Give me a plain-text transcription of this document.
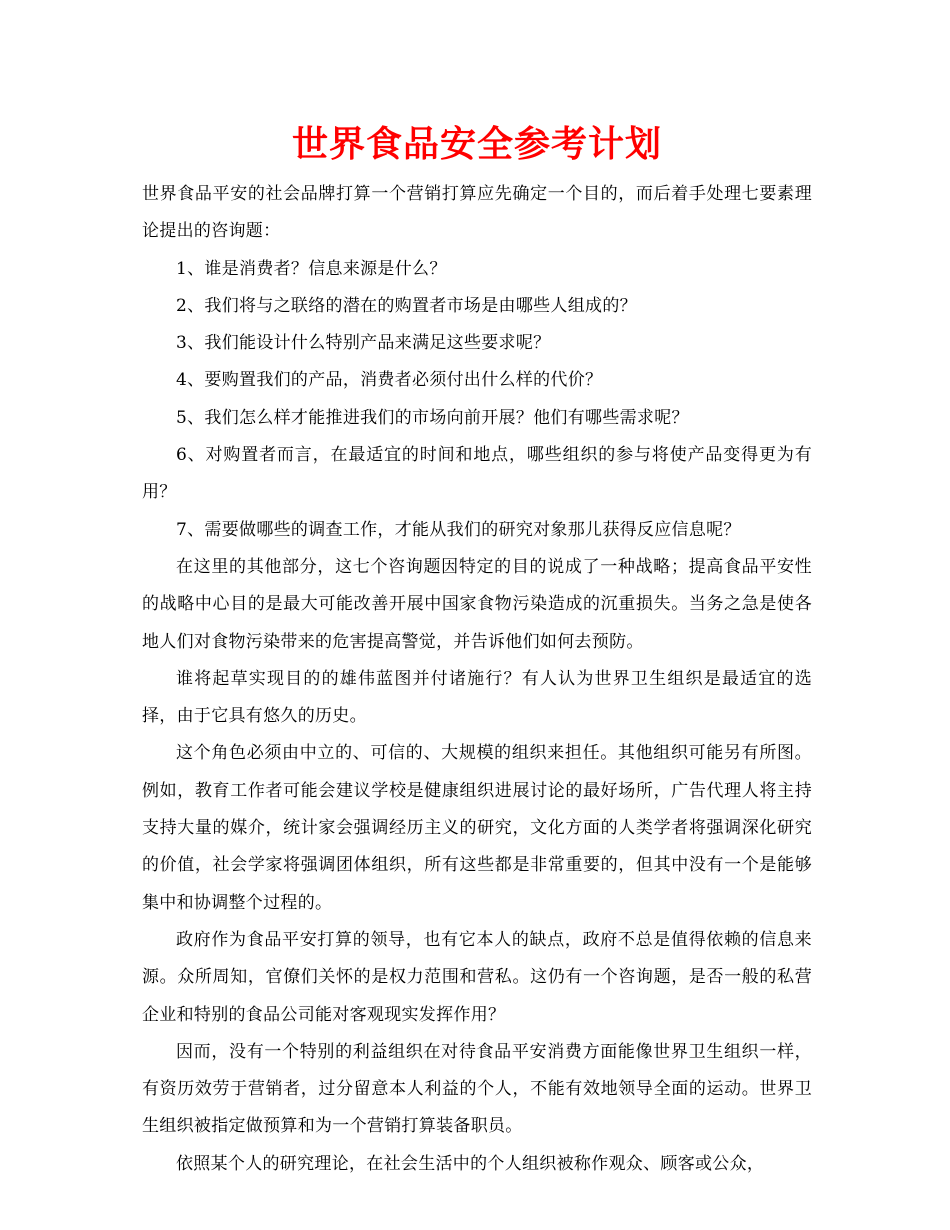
世界食品安全参考计划

世界食品平安的社会品牌打算一个营销打算应先确定一个目的，而后着手处理七要素理论提出的咨询题：

1、谁是消费者？信息来源是什么？

2、我们将与之联络的潜在的购置者市场是由哪些人组成的？

3、我们能设计什么特别产品来满足这些要求呢？

4、要购置我们的产品，消费者必须付出什么样的代价？

5、我们怎么样才能推进我们的市场向前开展？他们有哪些需求呢？

6、对购置者而言，在最适宜的时间和地点，哪些组织的参与将使产品变得更为有用？

7、需要做哪些的调查工作，才能从我们的研究对象那儿获得反应信息呢？

在这里的其他部分，这七个咨询题因特定的目的说成了一种战略；提高食品平安性的战略中心目的是最大可能改善开展中国家食物污染造成的沉重损失。当务之急是使各地人们对食物污染带来的危害提高警觉，并告诉他们如何去预防。

谁将起草实现目的的雄伟蓝图并付诸施行？有人认为世界卫生组织是最适宜的选择，由于它具有悠久的历史。

这个角色必须由中立的、可信的、大规模的组织来担任。其他组织可能另有所图。例如，教育工作者可能会建议学校是健康组织进展讨论的最好场所，广告代理人将主持支持大量的媒介，统计家会强调经历主义的研究，文化方面的人类学者将强调深化研究的价值，社会学家将强调团体组织，所有这些都是非常重要的，但其中没有一个是能够集中和协调整个过程的。

政府作为食品平安打算的领导，也有它本人的缺点，政府不总是值得依赖的信息来源。众所周知，官僚们关怀的是权力范围和营私。这仍有一个咨询题，是否一般的私营企业和特别的食品公司能对客观现实发挥作用？

因而，没有一个特别的利益组织在对待食品平安消费方面能像世界卫生组织一样，有资历效劳于营销者，过分留意本人利益的个人，不能有效地领导全面的运动。世界卫生组织被指定做预算和为一个营销打算装备职员。

依照某个人的研究理论，在社会生活中的个人组织被称作观众、顾客或公众，
